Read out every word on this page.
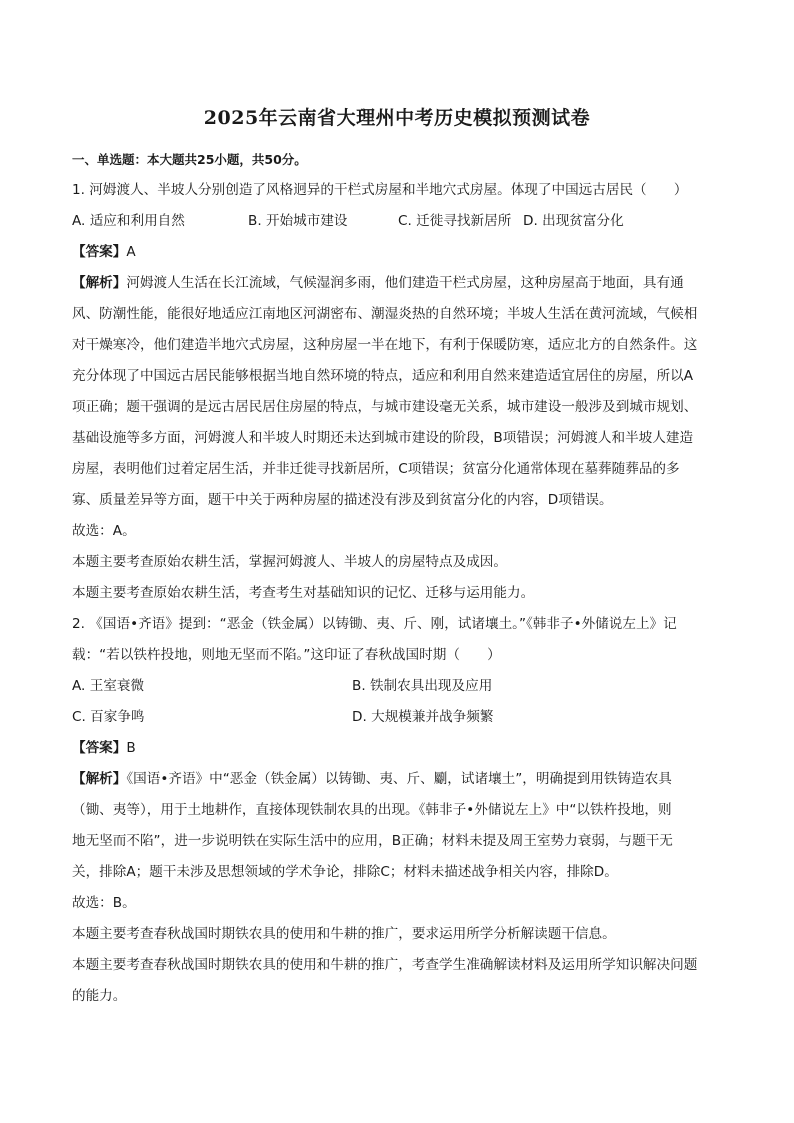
2025年云南省大理州中考历史模拟预测试卷
一、单选题：本大题共25小题，共50分。
1. 河姆渡人、半坡人分别创造了风格迥异的干栏式房屋和半地穴式房屋。体现了中国远古居民（　　）
A. 适应和利用自然	B. 开始城市建设	C. 迁徙寻找新居所 D. 出现贫富分化
【答案】A
【解析】河姆渡人生活在长江流域，气候湿润多雨，他们建造干栏式房屋，这种房屋高于地面，具有通
风、防潮性能，能很好地适应江南地区河湖密布、潮湿炎热的自然环境；半坡人生活在黄河流域，气候相
对干燥寒冷，他们建造半地穴式房屋，这种房屋一半在地下，有利于保暖防寒，适应北方的自然条件。这
充分体现了中国远古居民能够根据当地自然环境的特点，适应和利用自然来建造适宜居住的房屋，所以A
项正确；题干强调的是远古居民居住房屋的特点，与城市建设毫无关系，城市建设一般涉及到城市规划、
基础设施等多方面，河姆渡人和半坡人时期还未达到城市建设的阶段，B项错误；河姆渡人和半坡人建造
房屋，表明他们过着定居生活，并非迁徙寻找新居所，C项错误；贫富分化通常体现在墓葬随葬品的多
寡、质量差异等方面，题干中关于两种房屋的描述没有涉及到贫富分化的内容，D项错误。
故选：A。
本题主要考查原始农耕生活，掌握河姆渡人、半坡人的房屋特点及成因。
本题主要考查原始农耕生活，考查考生对基础知识的记忆、迁移与运用能力。
2. 《国语•齐语》提到：“恶金（铁金属）以铸锄、夷、斤、刚，试诸壤土。”《韩非子•外储说左上》记
载：“若以铁杵投地，则地无坚而不陷。”这印证了春秋战国时期（　　）
A. 王室衰微	B. 铁制农具出现及应用
C. 百家争鸣	D. 大规模兼并战争频繁
【答案】B
【解析】《国语•齐语》中“恶金（铁金属）以铸锄、夷、斤、劚，试诸壤土”，明确提到用铁铸造农具
（锄、夷等），用于土地耕作，直接体现铁制农具的出现。《韩非子•外储说左上》中“以铁杵投地，则
地无坚而不陷”，进一步说明铁在实际生活中的应用，B正确；材料未提及周王室势力衰弱，与题干无
关，排除A；题干未涉及思想领域的学术争论，排除C；材料未描述战争相关内容，排除D。
故选：B。
本题主要考查春秋战国时期铁农具的使用和牛耕的推广，要求运用所学分析解读题干信息。
本题主要考查春秋战国时期铁农具的使用和牛耕的推广，考查学生准确解读材料及运用所学知识解决问题
的能力。
